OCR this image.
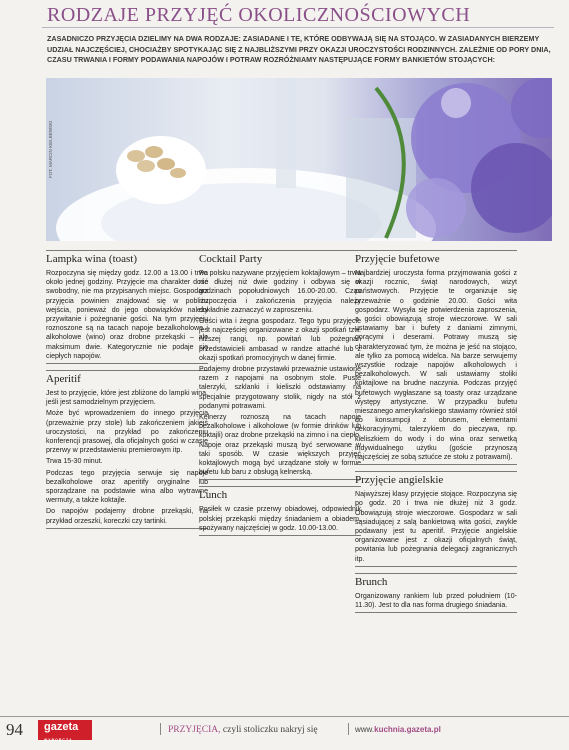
RODZAJE PRZYJĘĆ OKOLICZNOŚCIOWYCH
ZASADNICZO PRZYJĘCIA DZIELIMY NA DWA RODZAJE: ZASIADANE I TE, KTÓRE ODBYWAJĄ SIĘ NA STOJĄCO. W ZASIADANYCH BIERZEMY UDZIAŁ NAJCZĘŚCIEJ, CHOCIAŻBY SPOTYKAJĄC SIĘ Z NAJBLIŻSZYMI PRZY OKAZJI UROCZYSTOŚCI RODZINNYCH. ZALEŻNIE OD PORY DNIA, CZASU TRWANIA I FORMY PODAWANIA NAPOJÓW I POTRAW ROZRÓŻNIAMY NASTĘPUJĄCE FORMY BANKIETÓW STOJĄCYCH:
FOT. MARCIN KIELBEWSKI
Lampka wina (toast)

Rozpoczyna się między godz. 12.00 a 13.00 i trwa około jednej godziny. Przyjęcie ma charakter dość swobodny, nie ma przypisanych miejsc. Gospodarz przyjęcia powinien znajdować się w pobliżu wejścia, ponieważ do jego obowiązków należy przywitanie i pożegnanie gości. Na tym przyjęciu roznoszone są na tacach napoje bezalkoholowe i alkoholowe (wino) oraz drobne przekąski – ale maksimum dwie. Kategorycznie nie podaje się ciepłych napojów.

Aperitif

Jest to przyjęcie, które jest zbliżone do lampki wina, jeśli jest samodzielnym przyjęciem.

Może być wprowadzeniem do innego przyjęcia (przeważnie przy stole) lub zakończeniem jakiejś uroczystości, na przykład po zakończeniu konferencji prasowej, dla oficjalnych gości w czasie przerwy w przedstawieniu premierowym itp.

Trwa 15-30 minut.

Podczas tego przyjęcia serwuje się napoje bezalkoholowe oraz aperitify oryginalne lub sporządzane na podstawie wina albo wytrawne wermuty, a także koktajle.

Do napojów podajemy drobne przekąski, na przykład orzeszki, koreczki czy tartinki.

Cocktail Party

Po polsku nazywane przyjęciem koktajlowym – trwa nie dłużej niż dwie godziny i odbywa się w godzinach popołudniowych 16.00-20.00. Czas rozpoczęcia i zakończenia przyjęcia należy dokładnie zaznaczyć w zaproszeniu.

Gości wita i żegna gospodarz. Tego typu przyjęcie jest najczęściej organizowane z okazji spotkań tzw. niższej rangi, np. powitań lub pożegnań przedstawicieli ambasad w randze attaché lub z okazji spotkań promocyjnych w danej firmie.

Podajemy drobne przystawki przeważnie ustawione razem z napojami na osobnym stole. Puste talerzyki, szklanki i kieliszki odstawiamy na specjalnie przygotowany stolik, nigdy na stół z podanymi potrawami.

Kelnerzy roznoszą na tacach napoje bezalkoholowe i alkoholowe (w formie drinków lub koktajli) oraz drobne przekąski na zimno i na ciepło. Napoje oraz przekąski muszą być serwowane w taki sposób. W czasie większych przyjęć koktajlowych mogą być urządzane stoły w formie bufetu lub baru z obsługą kelnerską.

Lunch

Posiłek w czasie przerwy obiadowej, odpowiednik polskiej przekąski między śniadaniem a obiadem, spożywany najczęściej w godz. 10.00-13.00.

Przyjęcie bufetowe

Najbardziej uroczysta forma przyjmowania gości z okazji rocznic, świąt narodowych, wizyt państwowych. Przyjęcie te organizuje się przeważnie o godzinie 20.00. Gości wita gospodarz. Wysyła się potwierdzenia zaproszenia, a gości obowiązują stroje wieczorowe. W sali ustawiamy bar i bufety z daniami zimnymi, gorącymi i deserami. Potrawy muszą się charakteryzować tym, że można je jeść na stojąco, ale tylko za pomocą widelca. Na barze serwujemy wszystkie rodzaje napojów alkoholowych i bezalkoholowych. W sali ustawiamy stoliki koktajlowe na brudne naczynia. Podczas przyjęć bufetowych wygłaszane są toasty oraz urządzane występy artystyczne. W przypadku bufetu mieszanego amerykańskiego stawiamy również stół do konsumpcji z obrusem, elementami dekoracyjnymi, talerzykiem do pieczywa, np. kieliszkiem do wody i do wina oraz serwetką indywidualnego użytku (goście przynoszą najczęściej ze sobą sztućce ze stołu z potrawami).

Przyjęcie angielskie

Najwyższej klasy przyjęcie stojące. Rozpoczyna się po godz. 20 i trwa nie dłużej niż 3 godz. Obowiązują stroje wieczorowe. Gospodarz w sali sąsiadującej z salą bankietową wita gości, zwykle podawany jest tu aperitif. Przyjęcie angielskie organizowane jest z okazji oficjalnych świąt, powitania lub pożegnania delegacji zagranicznych itp.

Brunch

Organizowany rankiem lub przed południem (10-11.30). Jest to dla nas forma drugiego śniadania.

94	gazeta
WYBORCZA
PRZYJĘCIA, czyli stoliczku nakryj się	www.kuchnia.gazeta.pl
